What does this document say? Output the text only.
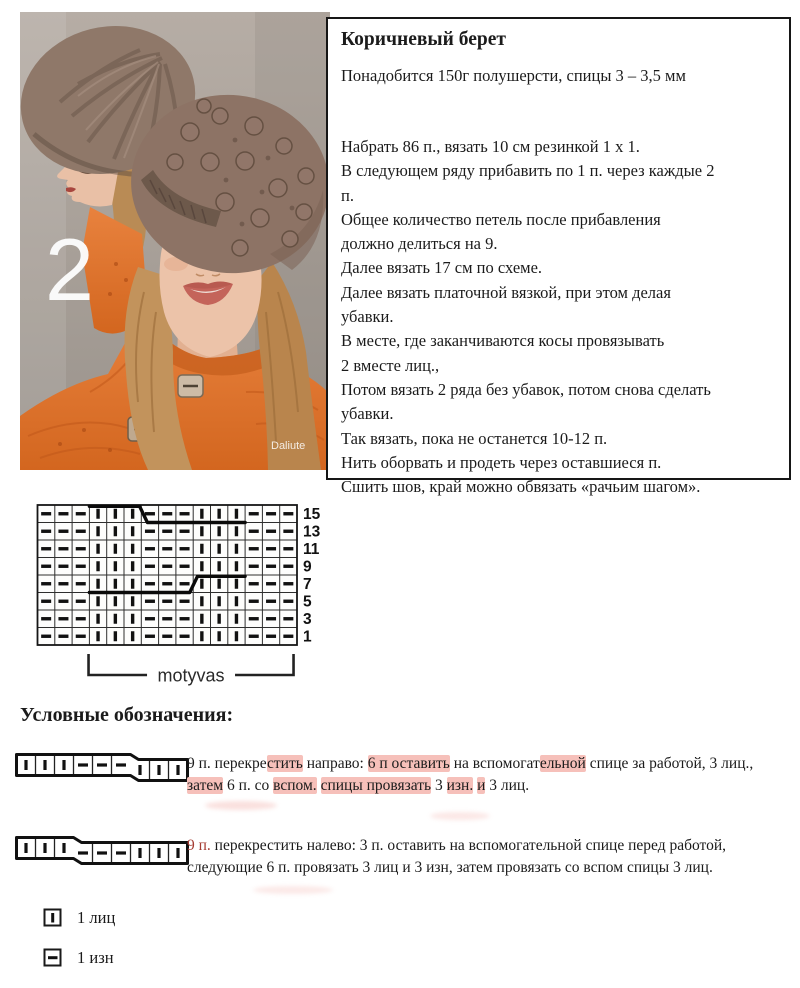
2
Daliute
Коричневый берет
Понадобится 150г полушерсти, спицы 3 – 3,5 мм
Набрать 86 п., вязать 10 см резинкой 1 х 1.
В следующем ряду прибавить по 1 п. через каждые 2
п.
Общее количество петель после прибавления
должно делиться на 9.
Далее вязать 17 см по схеме.
Далее вязать платочной вязкой, при этом делая
убавки.
В месте, где заканчиваются косы провязывать
2 вместе лиц.,
Потом вязать 2 ряда без убавок, потом снова сделать
убавки.
Так вязать, пока не останется 10-12 п.
Нить оборвать и продеть через оставшиеся п.
Сшить шов, край можно обвязать «рачьим шагом».
15
13
11
9
7
5
3
1
motyvas
Условные обозначения:
9 п. перекрестить направо: 6 п оставить на вспомогательной спице за работой, 3 лиц.,
затем 6 п. со вспом. спицы провязать 3 изн. и 3 лиц.
9 п. перекрестить налево: 3 п. оставить на вспомогательной спице перед работой,
следующие 6 п. провязать 3 лиц и 3 изн, затем провязать со вспом спицы 3 лиц.
1 лиц
1 изн
